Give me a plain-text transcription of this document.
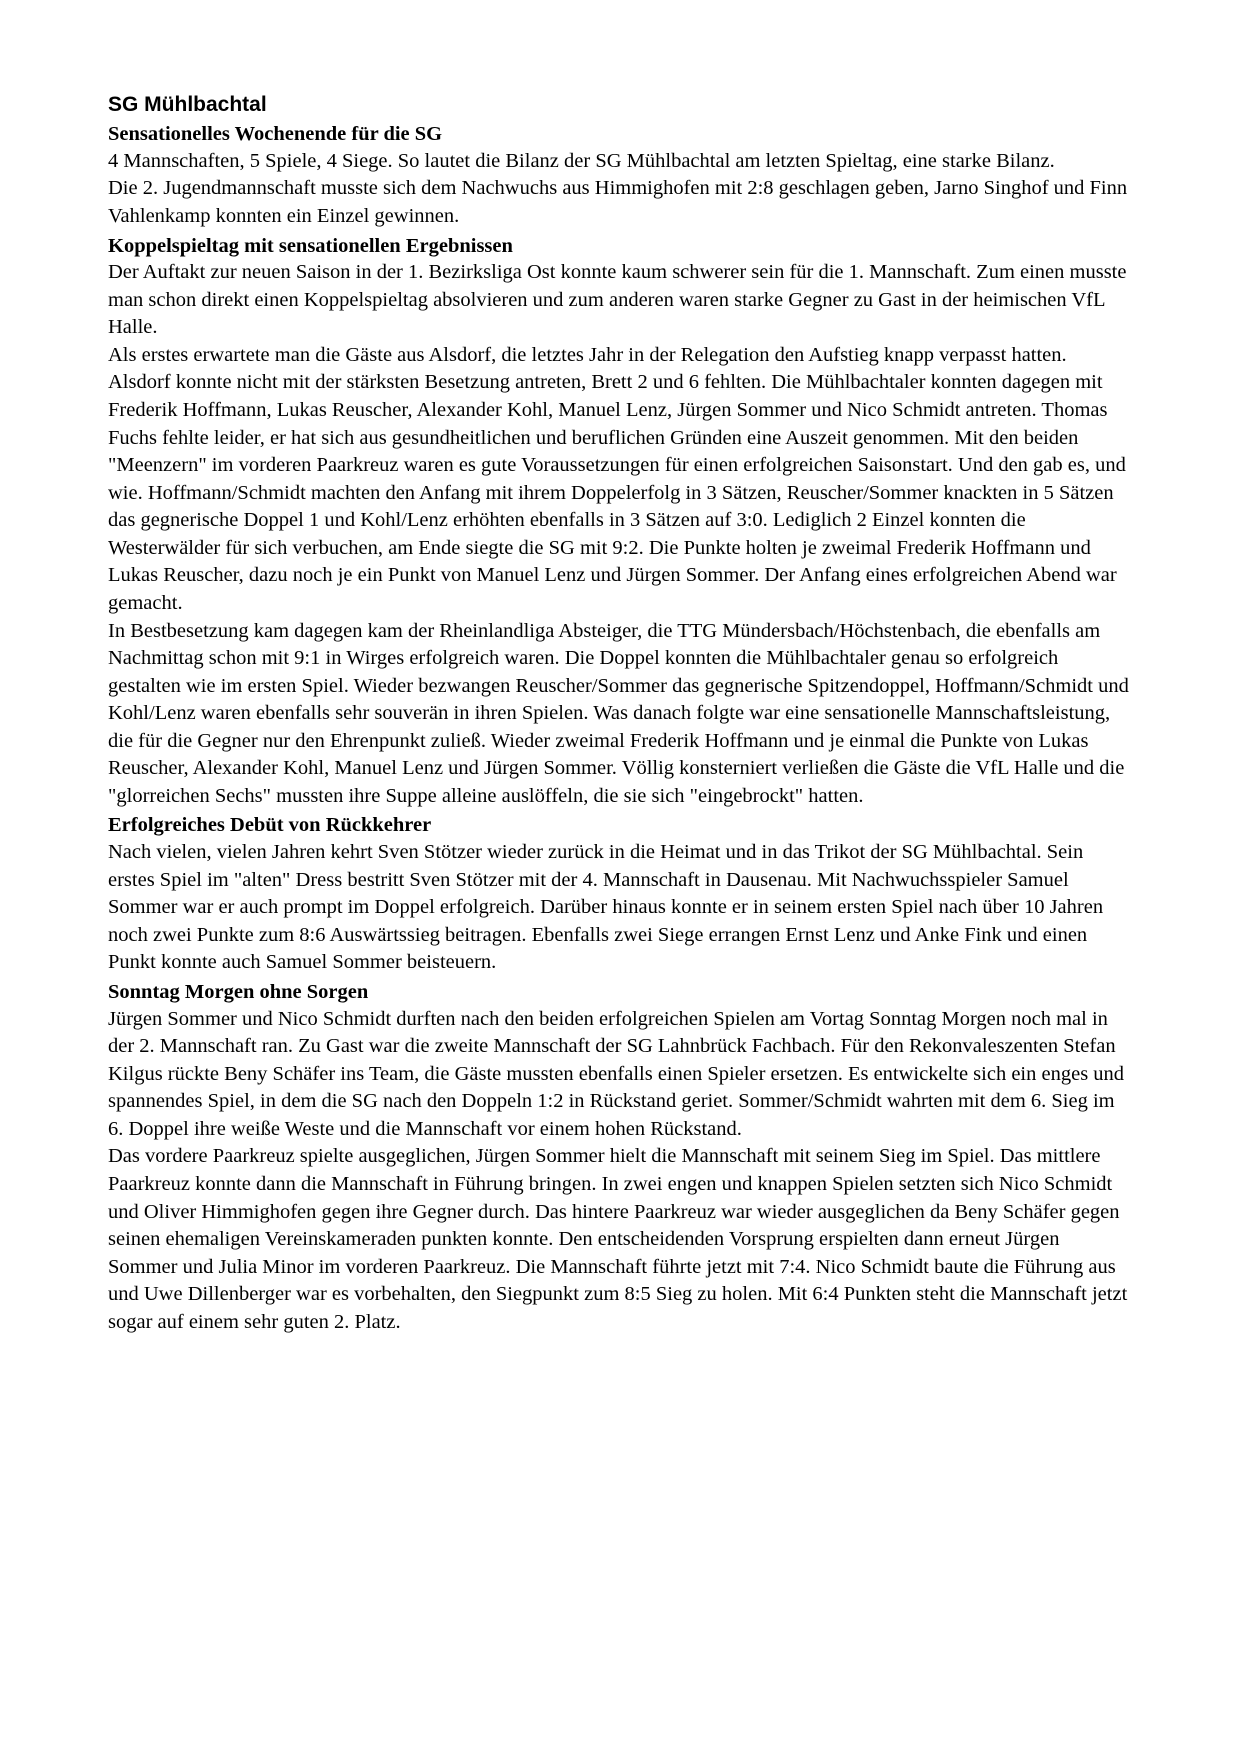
SG Mühlbachtal
Sensationelles Wochenende für die SG

4 Mannschaften, 5 Spiele, 4 Siege. So lautet die Bilanz der SG Mühlbachtal am letzten Spieltag, eine starke Bilanz.

Die 2. Jugendmannschaft musste sich dem Nachwuchs aus Himmighofen mit 2:8 geschlagen geben, Jarno Singhof und Finn Vahlenkamp konnten ein Einzel gewinnen.

Koppelspieltag mit sensationellen Ergebnissen

Der Auftakt zur neuen Saison in der 1. Bezirksliga Ost konnte kaum schwerer sein für die 1. Mannschaft. Zum einen musste man schon direkt einen Koppelspieltag absolvieren und zum anderen waren starke Gegner zu Gast in der heimischen VfL Halle.

Als erstes erwartete man die Gäste aus Alsdorf, die letztes Jahr in der Relegation den Aufstieg knapp verpasst hatten. Alsdorf konnte nicht mit der stärksten Besetzung antreten, Brett 2 und 6 fehlten. Die Mühlbachtaler konnten dagegen mit Frederik Hoffmann, Lukas Reuscher, Alexander Kohl, Manuel Lenz, Jürgen Sommer und Nico Schmidt antreten. Thomas Fuchs fehlte leider, er hat sich aus gesundheitlichen und beruflichen Gründen eine Auszeit genommen. Mit den beiden "Meenzern" im vorderen Paarkreuz waren es gute Voraussetzungen für einen erfolgreichen Saisonstart. Und den gab es, und wie. Hoffmann/Schmidt machten den Anfang mit ihrem Doppelerfolg in 3 Sätzen, Reuscher/Sommer knackten in 5 Sätzen das gegnerische Doppel 1 und Kohl/Lenz erhöhten ebenfalls in 3 Sätzen auf 3:0. Lediglich 2 Einzel konnten die Westerwälder für sich verbuchen, am Ende siegte die SG mit 9:2. Die Punkte holten je zweimal Frederik Hoffmann und Lukas Reuscher, dazu noch je ein Punkt von Manuel Lenz und Jürgen Sommer. Der Anfang eines erfolgreichen Abend war gemacht.

In Bestbesetzung kam dagegen kam der Rheinlandliga Absteiger, die TTG Mündersbach/Höchstenbach, die ebenfalls am Nachmittag schon mit 9:1 in Wirges erfolgreich waren. Die Doppel konnten die Mühlbachtaler genau so erfolgreich gestalten wie im ersten Spiel. Wieder bezwangen Reuscher/Sommer das gegnerische Spitzendoppel, Hoffmann/Schmidt und Kohl/Lenz waren ebenfalls sehr souverän in ihren Spielen. Was danach folgte war eine sensationelle Mannschaftsleistung, die für die Gegner nur den Ehrenpunkt zuließ. Wieder zweimal Frederik Hoffmann und je einmal die Punkte von Lukas Reuscher, Alexander Kohl, Manuel Lenz und Jürgen Sommer. Völlig konsterniert verließen die Gäste die VfL Halle und die "glorreichen Sechs" mussten ihre Suppe alleine auslöffeln, die sie sich "eingebrockt" hatten.

Erfolgreiches Debüt von Rückkehrer

Nach vielen, vielen Jahren kehrt Sven Stötzer wieder zurück in die Heimat und in das Trikot der SG Mühlbachtal. Sein erstes Spiel im "alten" Dress bestritt Sven Stötzer mit der 4. Mannschaft in Dausenau. Mit Nachwuchsspieler Samuel Sommer war er auch prompt im Doppel erfolgreich. Darüber hinaus konnte er in seinem ersten Spiel nach über 10 Jahren noch zwei Punkte zum 8:6 Auswärtssieg beitragen. Ebenfalls zwei Siege errangen Ernst Lenz und Anke Fink und einen Punkt konnte auch Samuel Sommer beisteuern.

Sonntag Morgen ohne Sorgen

Jürgen Sommer und Nico Schmidt durften nach den beiden erfolgreichen Spielen am Vortag Sonntag Morgen noch mal in der 2. Mannschaft ran. Zu Gast war die zweite Mannschaft der SG Lahnbrück Fachbach. Für den Rekonvaleszenten Stefan Kilgus rückte Beny Schäfer ins Team, die Gäste mussten ebenfalls einen Spieler ersetzen. Es entwickelte sich ein enges und spannendes Spiel, in dem die SG nach den Doppeln 1:2 in Rückstand geriet. Sommer/Schmidt wahrten mit dem 6. Sieg im 6. Doppel ihre weiße Weste und die Mannschaft vor einem hohen Rückstand.

Das vordere Paarkreuz spielte ausgeglichen, Jürgen Sommer hielt die Mannschaft mit seinem Sieg im Spiel. Das mittlere Paarkreuz konnte dann die Mannschaft in Führung bringen. In zwei engen und knappen Spielen setzten sich Nico Schmidt und Oliver Himmighofen gegen ihre Gegner durch. Das hintere Paarkreuz war wieder ausgeglichen da Beny Schäfer gegen seinen ehemaligen Vereinskameraden punkten konnte. Den entscheidenden Vorsprung erspielten dann erneut Jürgen Sommer und Julia Minor im vorderen Paarkreuz. Die Mannschaft führte jetzt mit 7:4. Nico Schmidt baute die Führung aus und Uwe Dillenberger war es vorbehalten, den Siegpunkt zum 8:5 Sieg zu holen. Mit 6:4 Punkten steht die Mannschaft jetzt sogar auf einem sehr guten 2. Platz.
